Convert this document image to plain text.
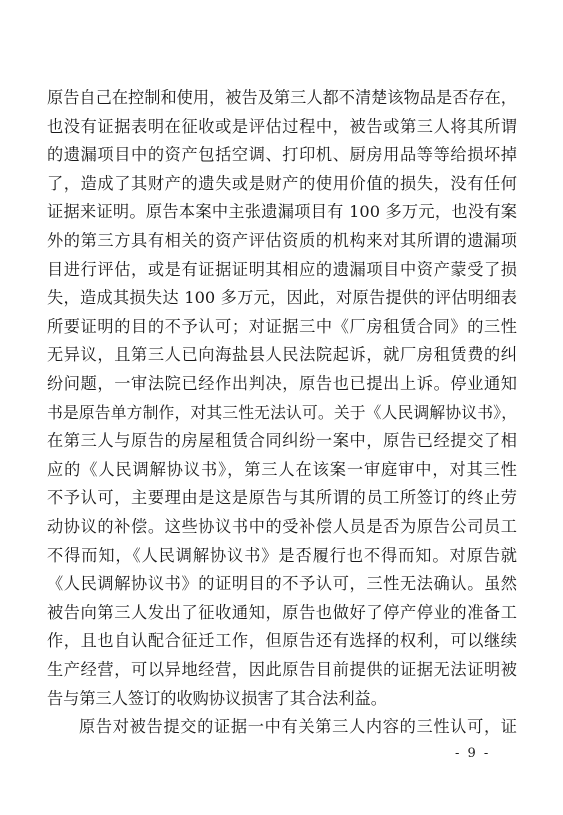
原告自己在控制和使用，被告及第三人都不清楚该物品是否存在，
也没有证据表明在征收或是评估过程中，被告或第三人将其所谓
的遗漏项目中的资产包括空调、打印机、厨房用品等等给损坏掉
了，造成了其财产的遗失或是财产的使用价值的损失，没有任何
证据来证明。原告本案中主张遗漏项目有 100 多万元，也没有案
外的第三方具有相关的资产评估资质的机构来对其所谓的遗漏项
目进行评估，或是有证据证明其相应的遗漏项目中资产蒙受了损
失，造成其损失达 100 多万元，因此，对原告提供的评估明细表
所要证明的目的不予认可；对证据三中《厂房租赁合同》的三性
无异议，且第三人已向海盐县人民法院起诉，就厂房租赁费的纠
纷问题，一审法院已经作出判决，原告也已提出上诉。停业通知
书是原告单方制作，对其三性无法认可。关于《人民调解协议书》，
在第三人与原告的房屋租赁合同纠纷一案中，原告已经提交了相
应的《人民调解协议书》，第三人在该案一审庭审中，对其三性
不予认可，主要理由是这是原告与其所谓的员工所签订的终止劳
动协议的补偿。这些协议书中的受补偿人员是否为原告公司员工
不得而知，《人民调解协议书》是否履行也不得而知。对原告就
《人民调解协议书》的证明目的不予认可，三性无法确认。虽然
被告向第三人发出了征收通知，原告也做好了停产停业的准备工
作，且也自认配合征迁工作，但原告还有选择的权利，可以继续
生产经营，可以异地经营，因此原告目前提供的证据无法证明被
告与第三人签订的收购协议损害了其合法利益。
原告对被告提交的证据一中有关第三人内容的三性认可，证
- 9 -
